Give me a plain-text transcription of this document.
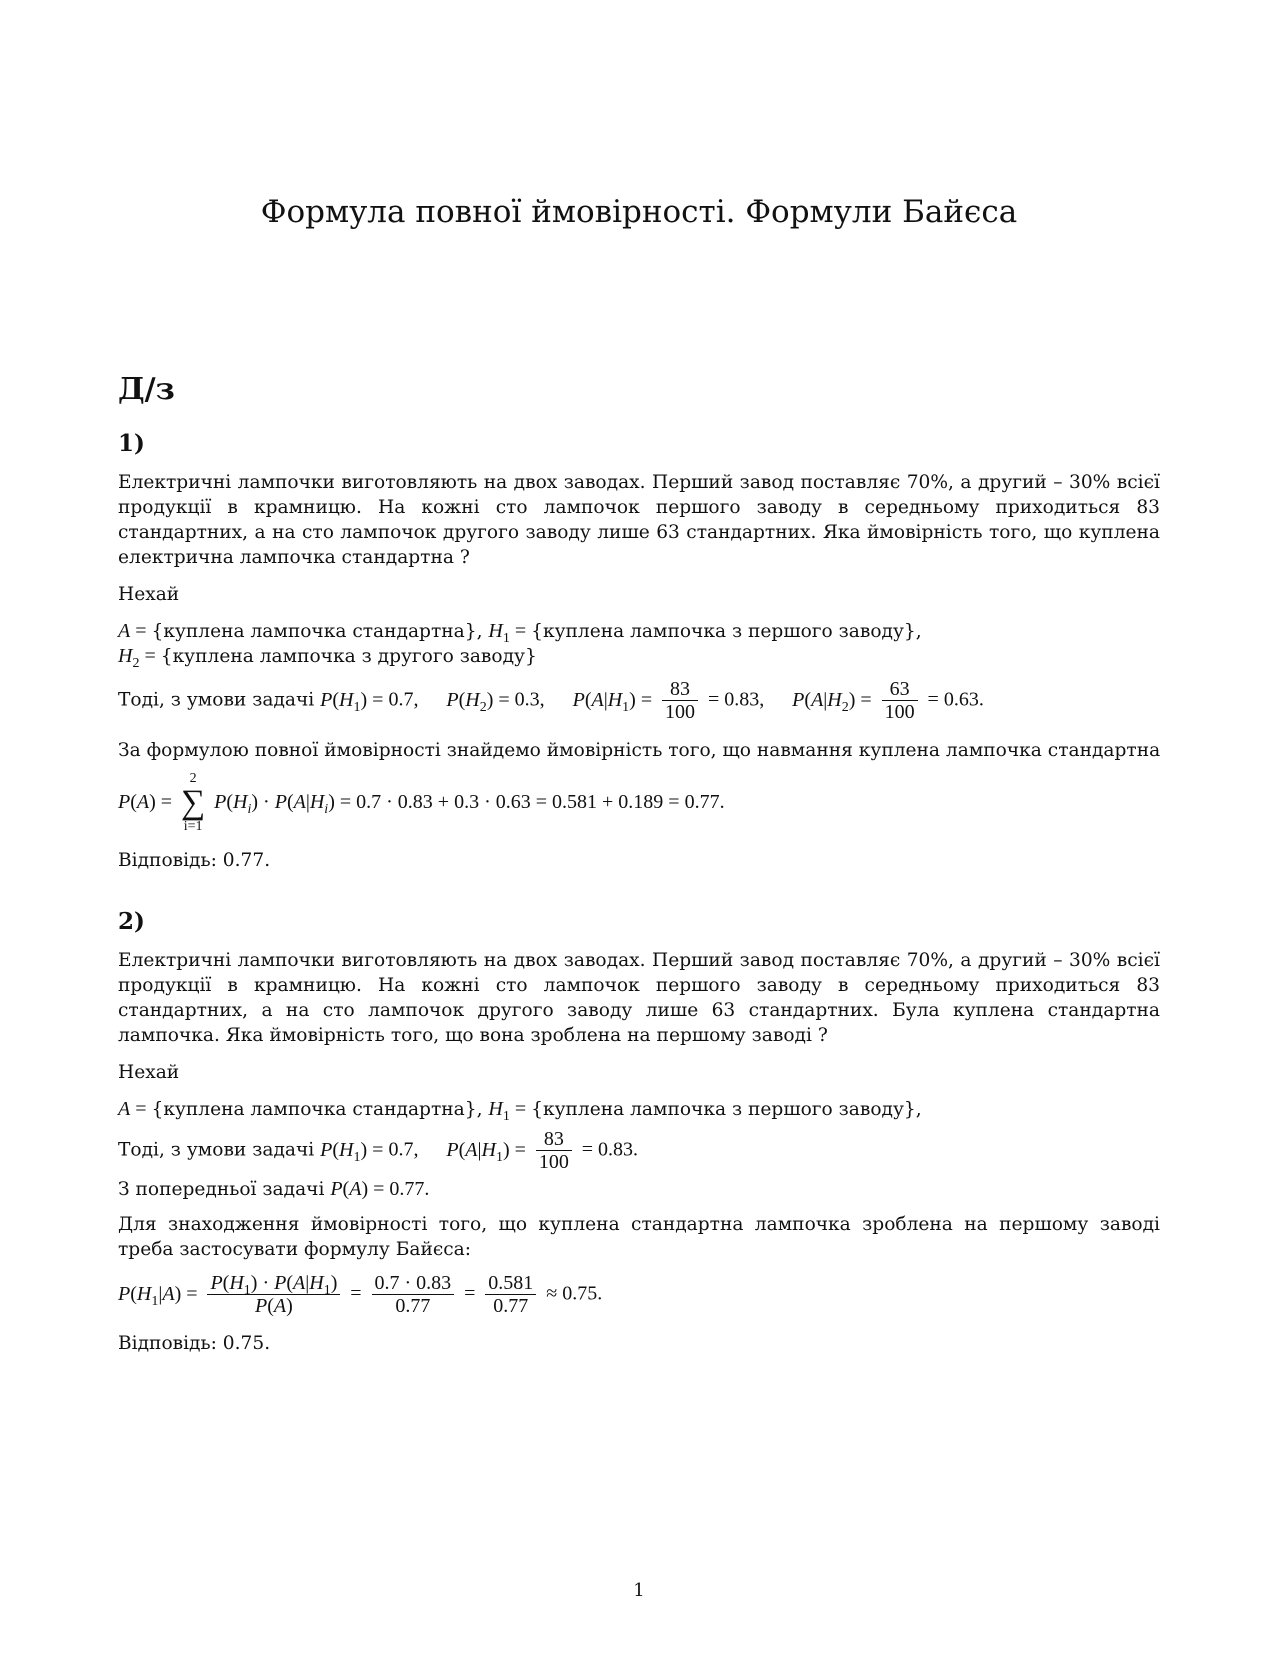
Формула повної ймовірності. Формули Байєса
Д/з
1)

Електричні лампочки виготовляють на двох заводах. Перший завод поставляє 70%, а другий – 30% всієї продукції в крамницю. На кожні сто лампочок першого заводу в середньому приходиться 83 стандартних, а на сто лампочок другого заводу лише 63 стандартних. Яка ймовірність того, що куплена електрична лампочка стандартна ?

Нехай

A = {куплена лампочка стандартна}, $H_1$ = {куплена лампочка з першого заводу},

$H_2$ = {куплена лампочка з другого заводу}

Тоді, з умови задачі $P(H_1) = 0.7$, $P(H_2) = 0.3$, $P(A|H_1) = \frac{83}{100} = 0.83$, $P(A|H_2) = \frac{63}{100} = 0.63$.

За формулою повної ймовірності знайдемо ймовірність того, що навмання куплена лампочка стандартна

P(A) =
2
∑
i=1
$P(H_i) \cdot P(A|H_i) = 0.7 \cdot 0.83 + 0.3 \cdot 0.63 = 0.581 + 0.189 = 0.77$.

Відповідь: 0.77.

2)

Електричні лампочки виготовляють на двох заводах. Перший завод поставляє 70%, а другий – 30% всієї продукції в крамницю. На кожні сто лампочок першого заводу в середньому приходиться 83 стандартних, а на сто лампочок другого заводу лише 63 стандартних. Була куплена стандартна лампочка. Яка ймовірність того, що вона зроблена на першому заводі ?

Нехай

A = {куплена лампочка стандартна}, $H_1$ = {куплена лампочка з першого заводу},

Тоді, з умови задачі $P(H_1) = 0.7$, $P(A|H_1) = \frac{83}{100} = 0.83$.

З попередньої задачі P(A) = 0.77.

Для знаходження ймовірності того, що куплена стандартна лампочка зроблена на першому заводі треба застосувати формулу Байєса:

$P(H_1|A) = \frac{P(H_1) \cdot P(A|H_1)}{P(A)} = \frac{0.7 \cdot 0.83}{0.77} = \frac{0.581}{0.77} \approx 0.75$.

Відповідь: 0.75.

1
